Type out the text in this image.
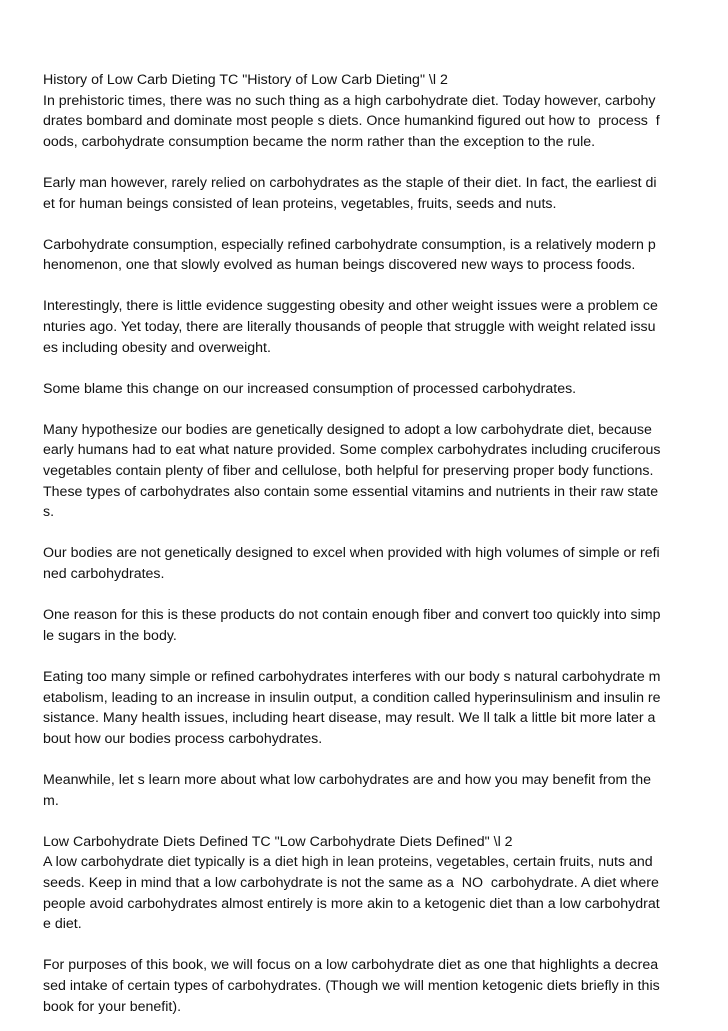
History of Low Carb Dieting TC "History of Low Carb Dieting" \l 2
In prehistoric times, there was no such thing as a high carbohydrate diet. Today however, carbohy
drates bombard and dominate most people s diets. Once humankind figured out how to  process  f
oods, carbohydrate consumption became the norm rather than the exception to the rule.
Early man however, rarely relied on carbohydrates as the staple of their diet. In fact, the earliest di
et for human beings consisted of lean proteins, vegetables, fruits, seeds and nuts.
Carbohydrate consumption, especially refined carbohydrate consumption, is a relatively modern p
henomenon, one that slowly evolved as human beings discovered new ways to process foods.
Interestingly, there is little evidence suggesting obesity and other weight issues were a problem ce
nturies ago. Yet today, there are literally thousands of people that struggle with weight related issu
es including obesity and overweight.
Some blame this change on our increased consumption of processed carbohydrates.
Many hypothesize our bodies are genetically designed to adopt a low carbohydrate diet, because
early humans had to eat what nature provided. Some complex carbohydrates including cruciferous
vegetables contain plenty of fiber and cellulose, both helpful for preserving proper body functions.
These types of carbohydrates also contain some essential vitamins and nutrients in their raw state
s.
Our bodies are not genetically designed to excel when provided with high volumes of simple or refi
ned carbohydrates.
One reason for this is these products do not contain enough fiber and convert too quickly into simp
le sugars in the body.
Eating too many simple or refined carbohydrates interferes with our body s natural carbohydrate m
etabolism, leading to an increase in insulin output, a condition called hyperinsulinism and insulin re
sistance. Many health issues, including heart disease, may result. We ll talk a little bit more later a
bout how our bodies process carbohydrates.
Meanwhile, let s learn more about what low carbohydrates are and how you may benefit from the
m.
Low Carbohydrate Diets Defined TC "Low Carbohydrate Diets Defined" \l 2
A low carbohydrate diet typically is a diet high in lean proteins, vegetables, certain fruits, nuts and
seeds. Keep in mind that a low carbohydrate is not the same as a  NO  carbohydrate. A diet where
people avoid carbohydrates almost entirely is more akin to a ketogenic diet than a low carbohydrat
e diet.
For purposes of this book, we will focus on a low carbohydrate diet as one that highlights a decrea
sed intake of certain types of carbohydrates. (Though we will mention ketogenic diets briefly in this
book for your benefit).
